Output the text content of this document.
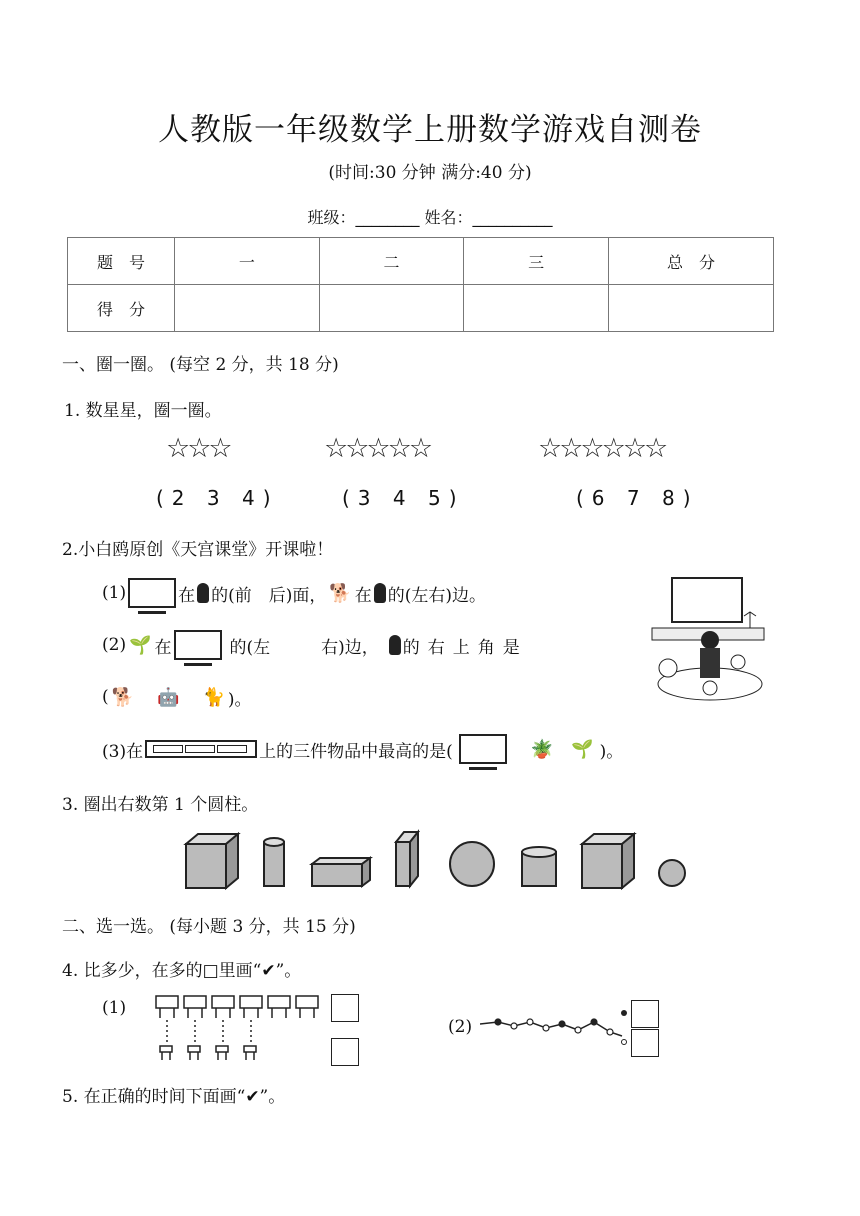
人教版一年级数学上册数学游戏自测卷
(时间:30 分钟 满分:40 分)
班级：________ 姓名：__________
题　号	一	二	三	总　分
得　分				
一、圈一圈。 (每空 2 分，共 18 分)
1. 数星星，圈一圈。
☆☆☆	☆☆☆☆☆	☆☆☆☆☆☆
(2 3 4)	(3 4 5)	(6 7 8)
2.小白鸥原创《天宫课堂》开课啦！
(1)	在 的(前　后)面， 🐕 在 的(左右)边。
(2) 🌱 在	的(左　　　右)边， 的右上角是
( 🐕 🤖 🐈 )。
(3)在	上的三件物品中最高的是(	🪴 🌱 )。
3. 圈出右数第 1 个圆柱。
二、选一选。 (每小题 3 分，共 15 分)
4. 比多少，在多的□里画“✔”。
(1)
(2)
5. 在正确的时间下面画“✔”。
